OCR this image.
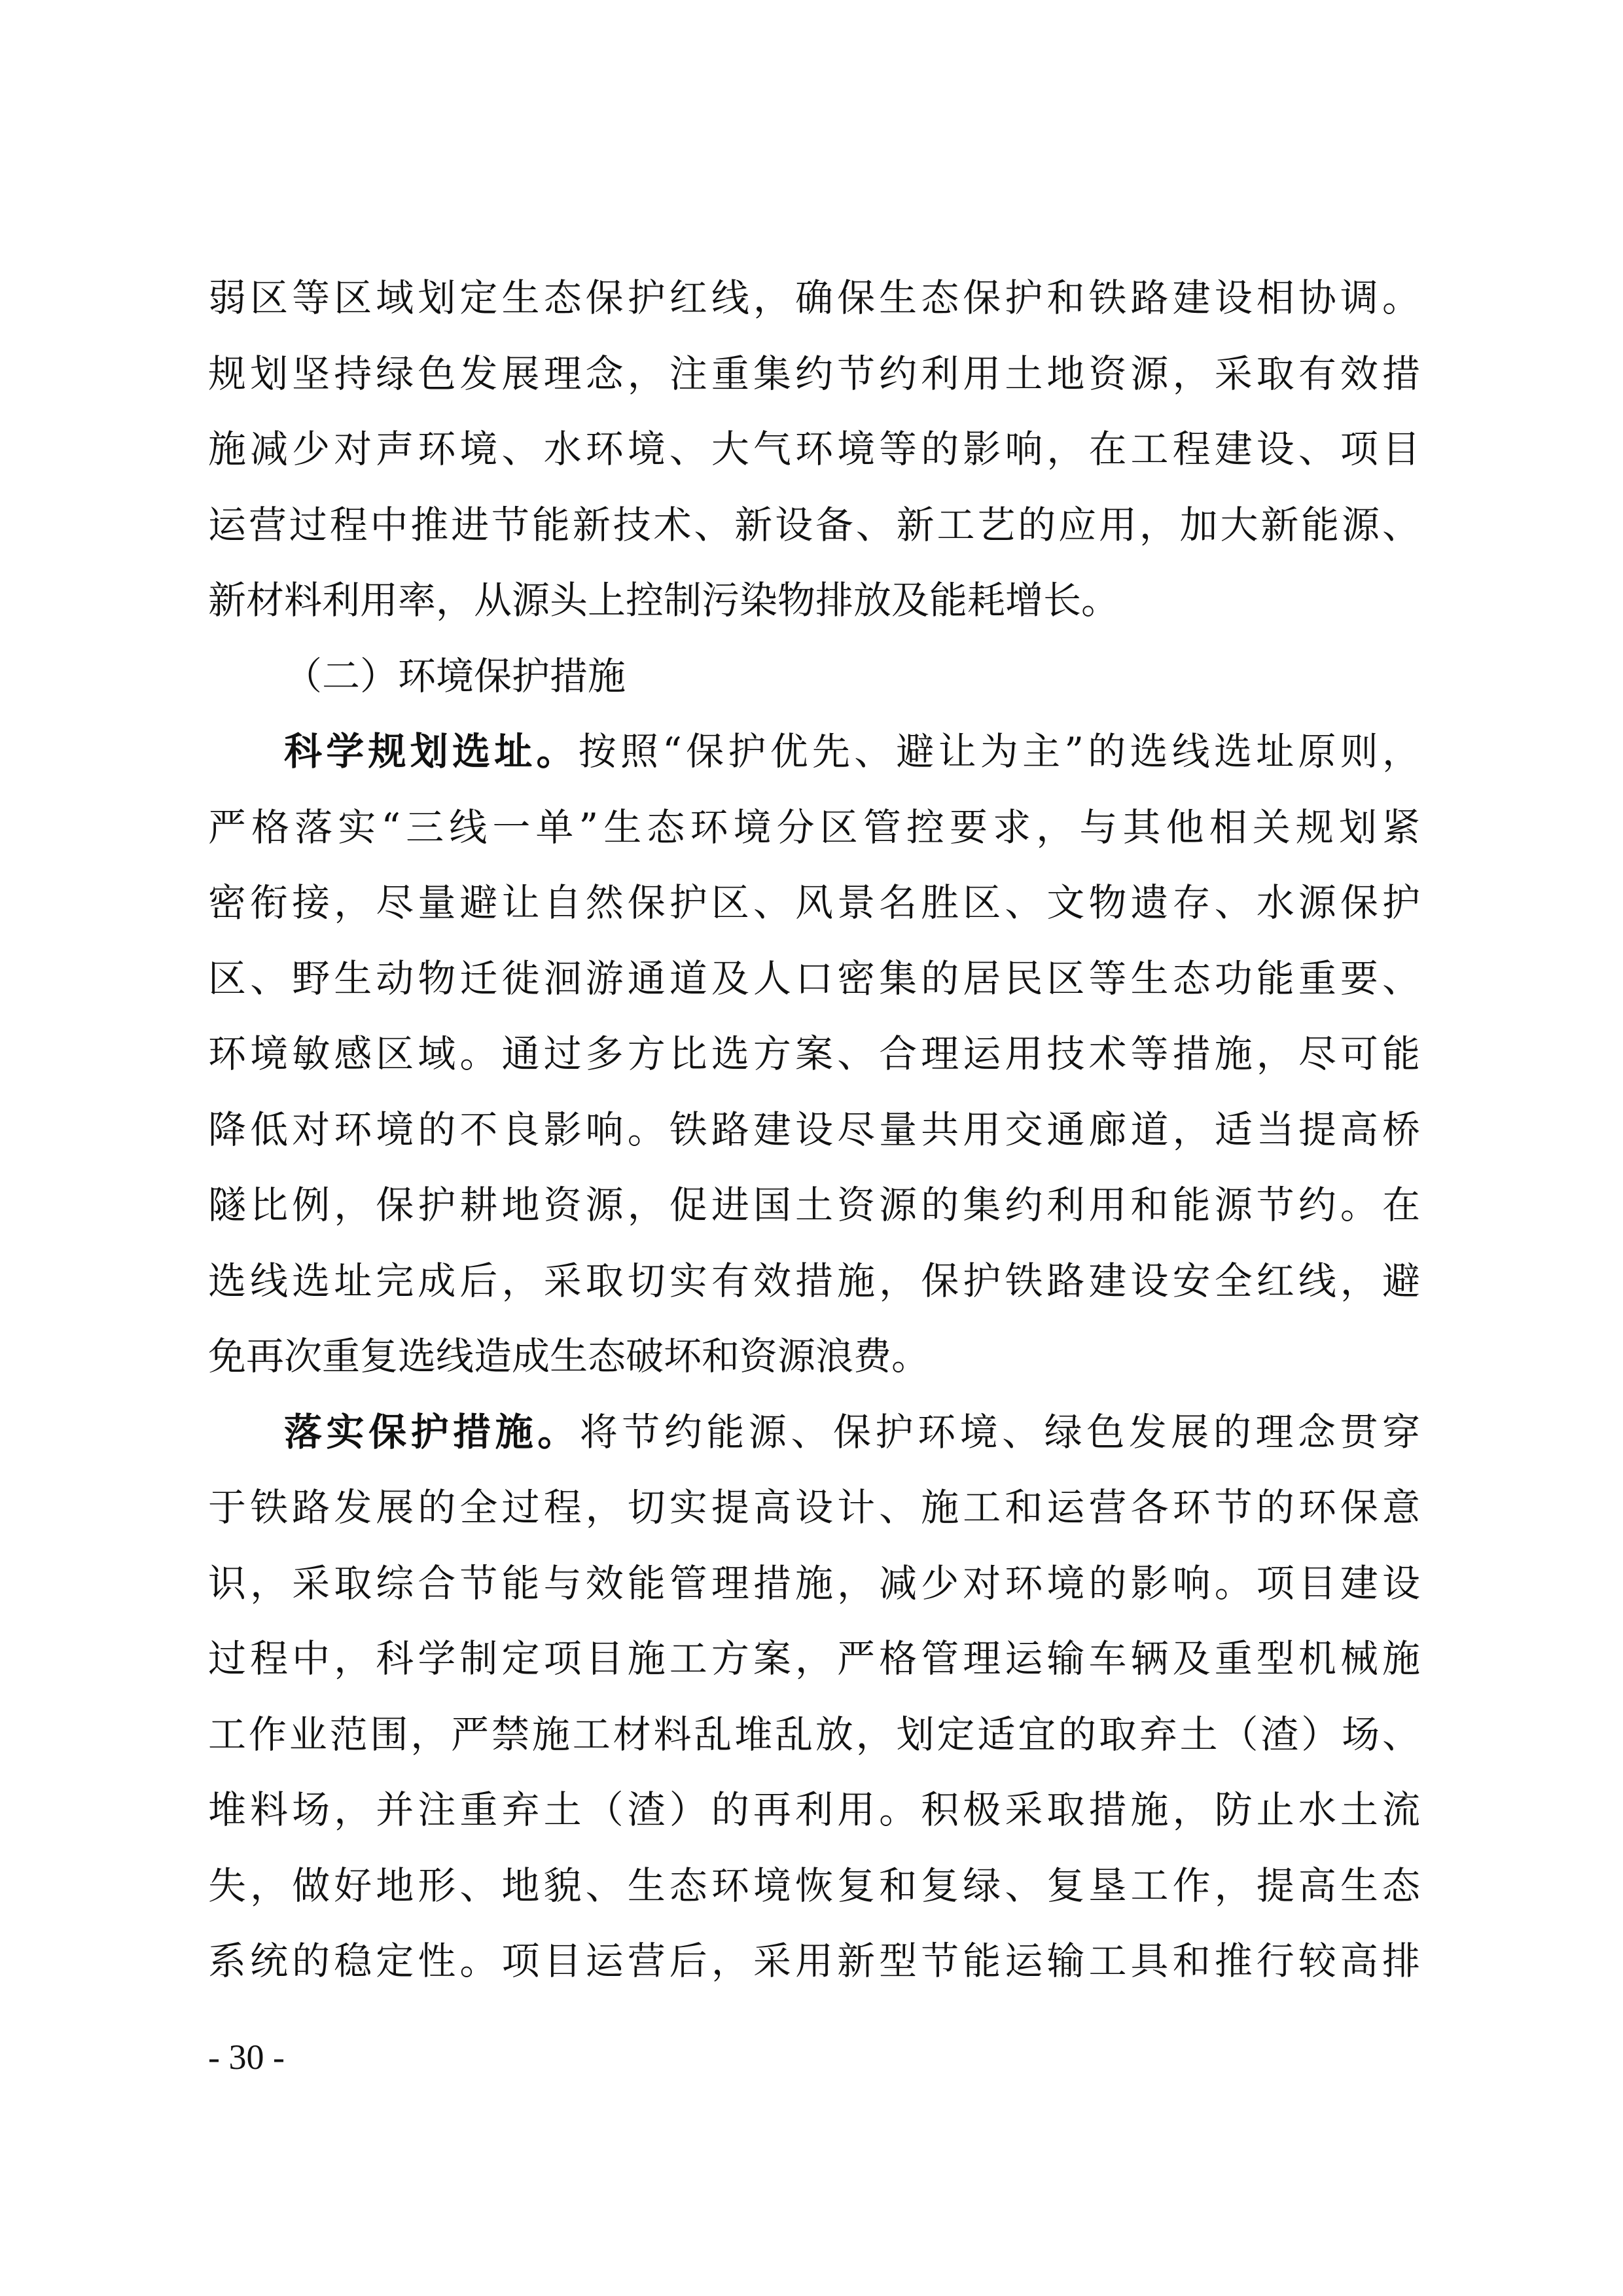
弱区等区域划定生态保护红线，确保生态保护和铁路建设相协调。
规划坚持绿色发展理念，注重集约节约利用土地资源，采取有效措
施减少对声环境、水环境、大气环境等的影响，在工程建设、项目
运营过程中推进节能新技术、新设备、新工艺的应用，加大新能源、
新材料利用率，从源头上控制污染物排放及能耗增长。
（二）环境保护措施
科学规划选址。按照“保护优先、避让为主”的选线选址原则，
严格落实“三线一单”生态环境分区管控要求，与其他相关规划紧
密衔接，尽量避让自然保护区、风景名胜区、文物遗存、水源保护
区、野生动物迁徙洄游通道及人口密集的居民区等生态功能重要、
环境敏感区域。通过多方比选方案、合理运用技术等措施，尽可能
降低对环境的不良影响。铁路建设尽量共用交通廊道，适当提高桥
隧比例，保护耕地资源，促进国土资源的集约利用和能源节约。在
选线选址完成后，采取切实有效措施，保护铁路建设安全红线，避
免再次重复选线造成生态破坏和资源浪费。
落实保护措施。将节约能源、保护环境、绿色发展的理念贯穿
于铁路发展的全过程，切实提高设计、施工和运营各环节的环保意
识，采取综合节能与效能管理措施，减少对环境的影响。项目建设
过程中，科学制定项目施工方案，严格管理运输车辆及重型机械施
工作业范围，严禁施工材料乱堆乱放，划定适宜的取弃土（渣）场、
堆料场，并注重弃土（渣）的再利用。积极采取措施，防止水土流
失，做好地形、地貌、生态环境恢复和复绿、复垦工作，提高生态
系统的稳定性。项目运营后，采用新型节能运输工具和推行较高排
- 30 -
